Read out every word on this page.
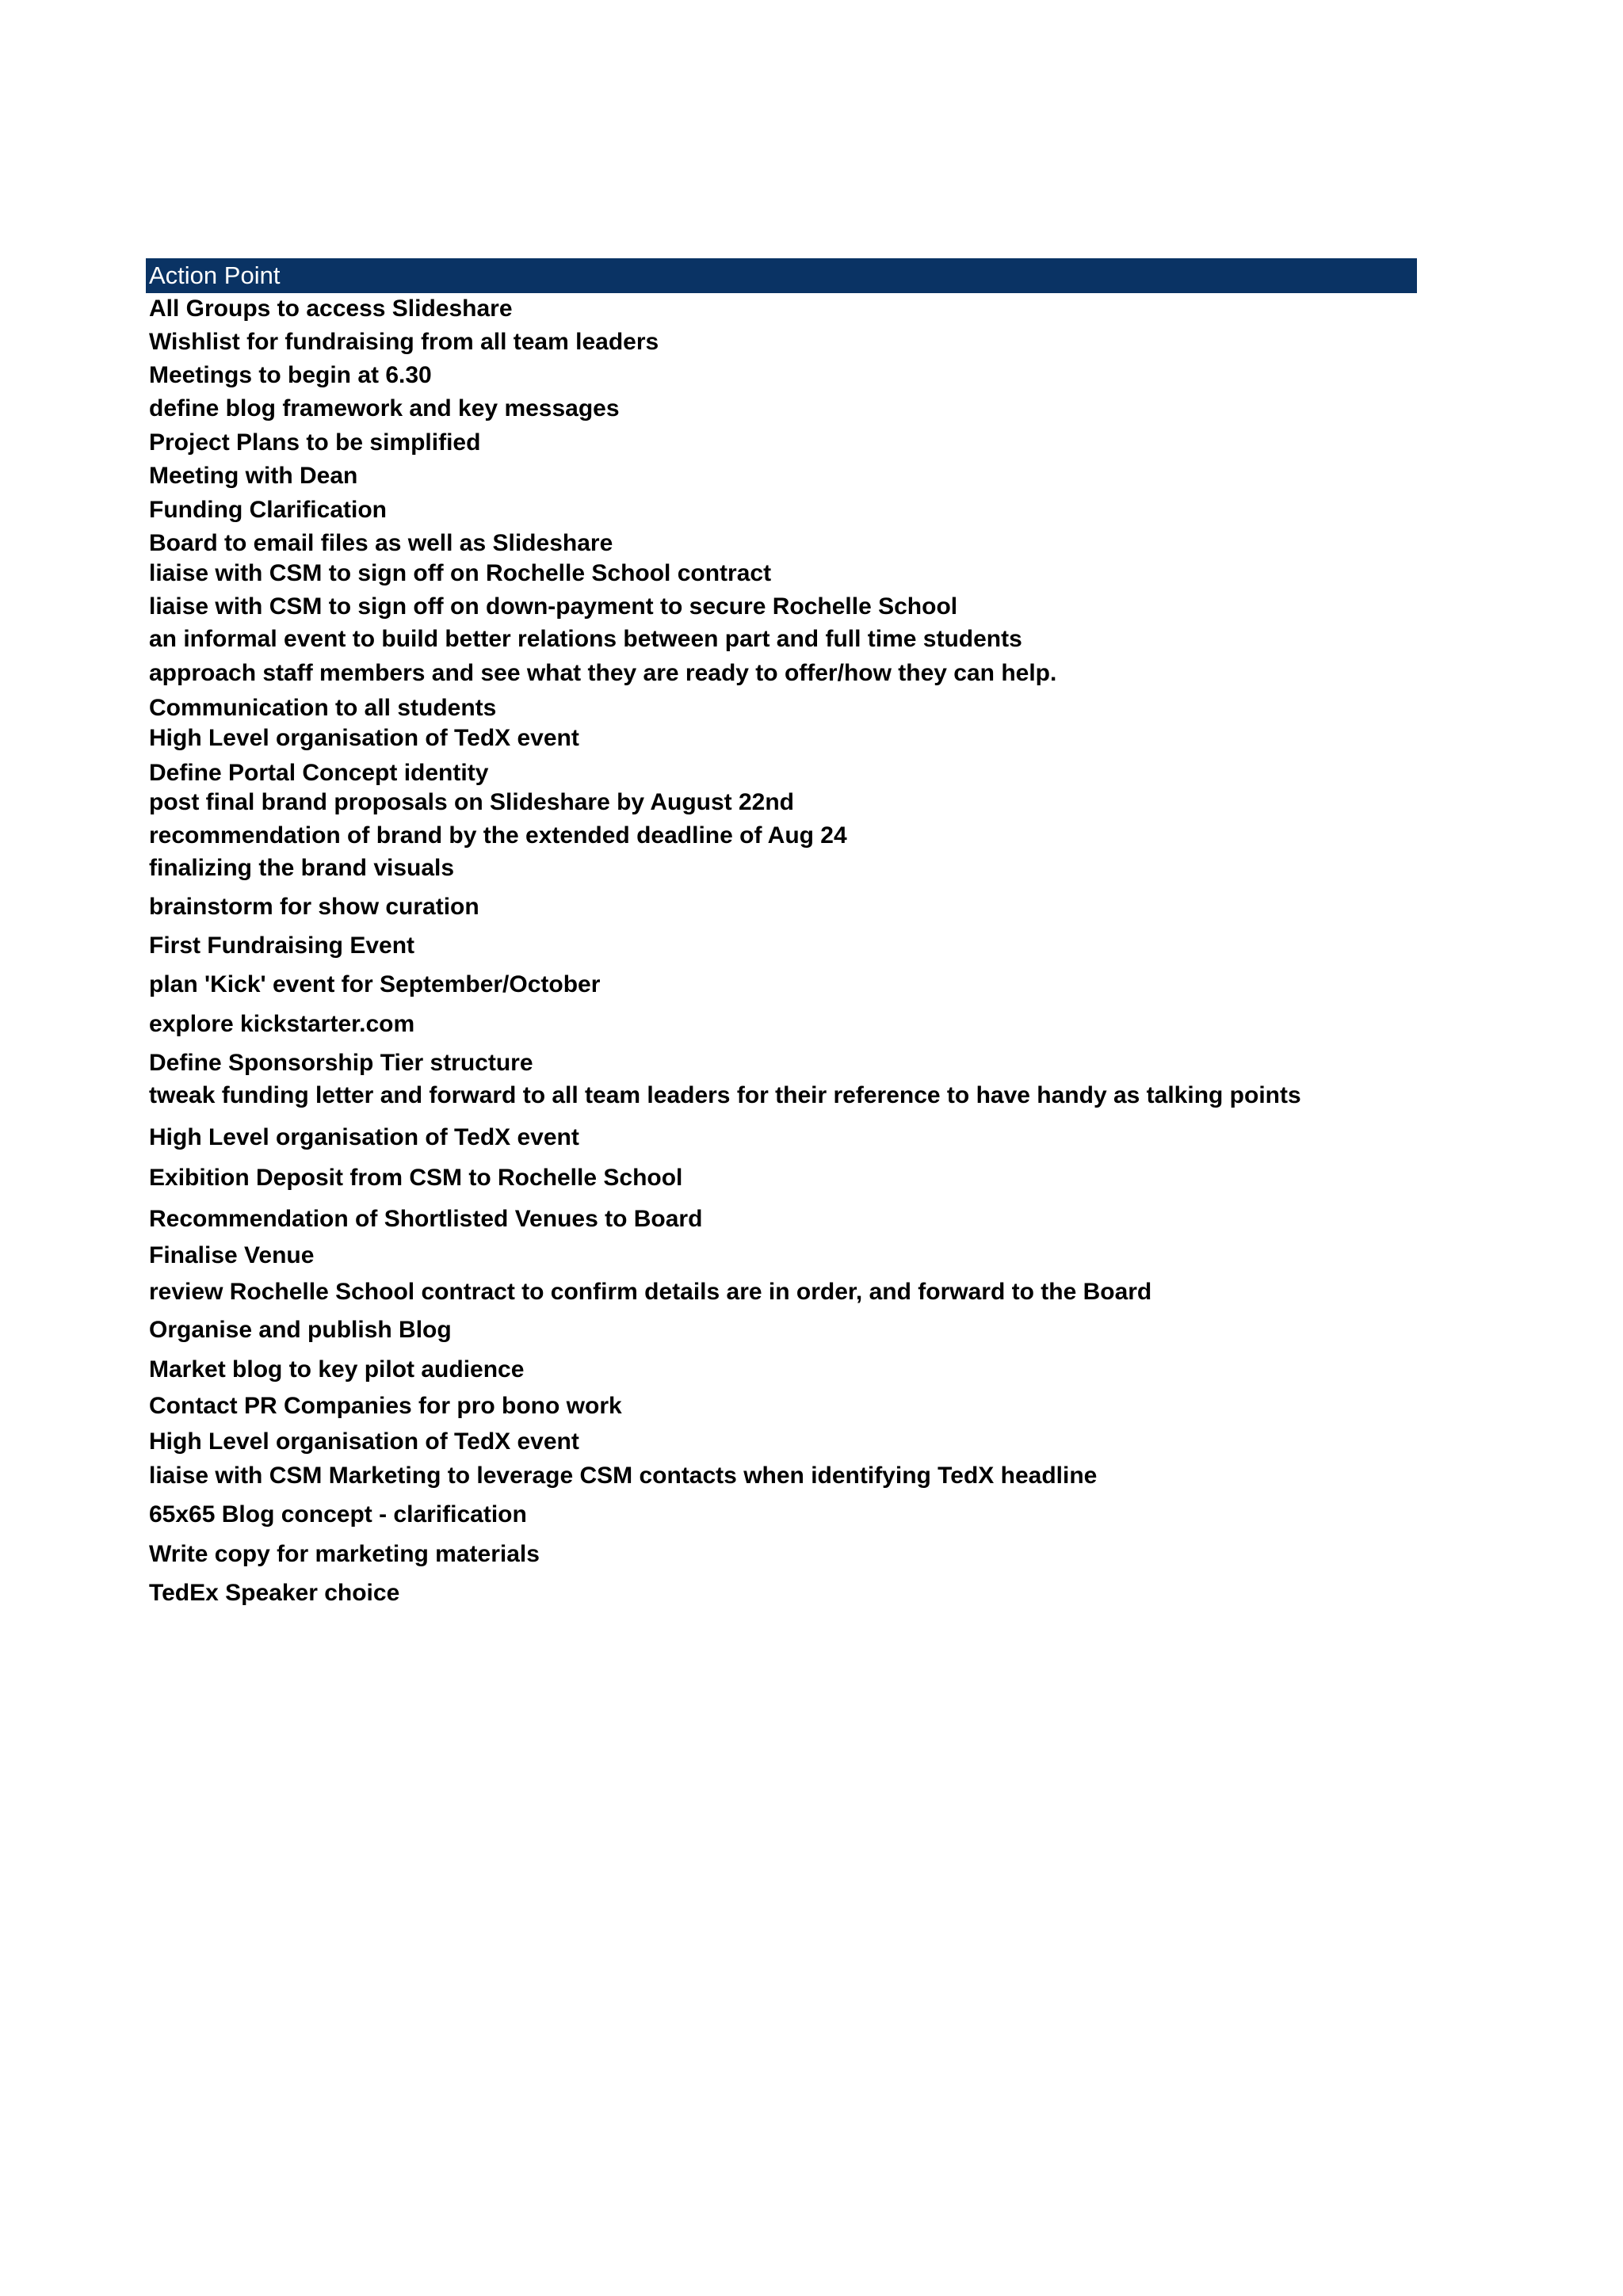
Action Point
All Groups to access Slideshare
Wishlist for fundraising from all team leaders
Meetings to begin at 6.30
define blog framework and key messages
Project Plans to be simplified
Meeting with Dean
Funding Clarification
Board to email files as well as Slideshare
liaise with CSM to sign off on Rochelle School contract
liaise with CSM to sign off on down-payment to secure Rochelle School
an informal event to build better relations between part and full time students
approach staff members and see what they are ready to offer/how they can help.
Communication to all students
High Level organisation of TedX event
Define Portal Concept identity
post final brand proposals on Slideshare by August 22nd
recommendation of brand by the extended deadline of Aug 24
finalizing the brand visuals
brainstorm for show curation
First Fundraising Event
plan 'Kick' event for September/October
explore kickstarter.com
Define Sponsorship Tier structure
tweak funding letter and forward to all team leaders for their reference to have handy as talking points
High Level organisation of TedX event
Exibition Deposit from CSM to Rochelle School
Recommendation of Shortlisted Venues to Board
Finalise Venue
review Rochelle School contract to confirm details are in order, and forward to the Board
Organise and publish Blog
Market blog to key pilot audience
Contact PR Companies for pro bono work
High Level organisation of TedX event
liaise with CSM Marketing to leverage CSM contacts when identifying TedX headline
65x65 Blog concept - clarification
Write copy for marketing materials
TedEx Speaker choice
